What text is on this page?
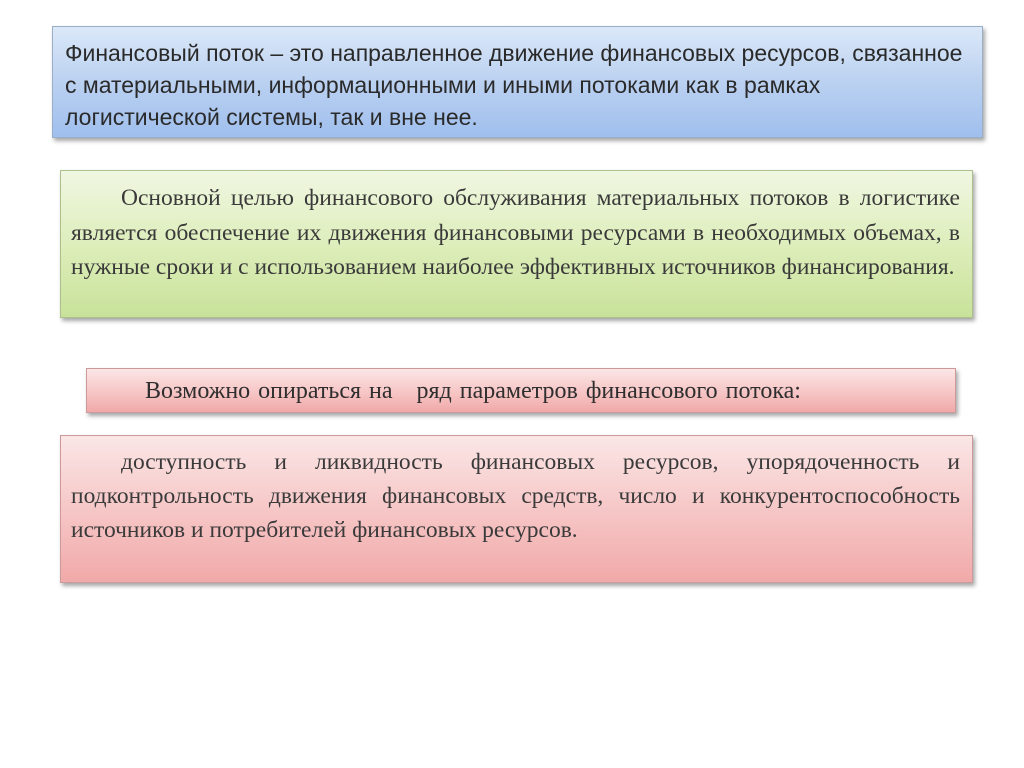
Финансовый поток – это направленное движение финансовых ресурсов, связанное с материальными, информационными и иными потоками как в рамках логистической системы, так и вне нее.

Основной целью финансового обслуживания материальных потоков в логистике является обеспечение их движения финансовыми ресурсами в необходимых объемах, в нужные сроки и с использованием наиболее эффективных источников финансирования.

Возможно опираться на   ряд параметров финансового потока:

доступность и ликвидность финансовых ресурсов, упорядоченность и подконтрольность движения финансовых средств, число и конкурентоспособность источников и потребителей финансовых ресурсов.
